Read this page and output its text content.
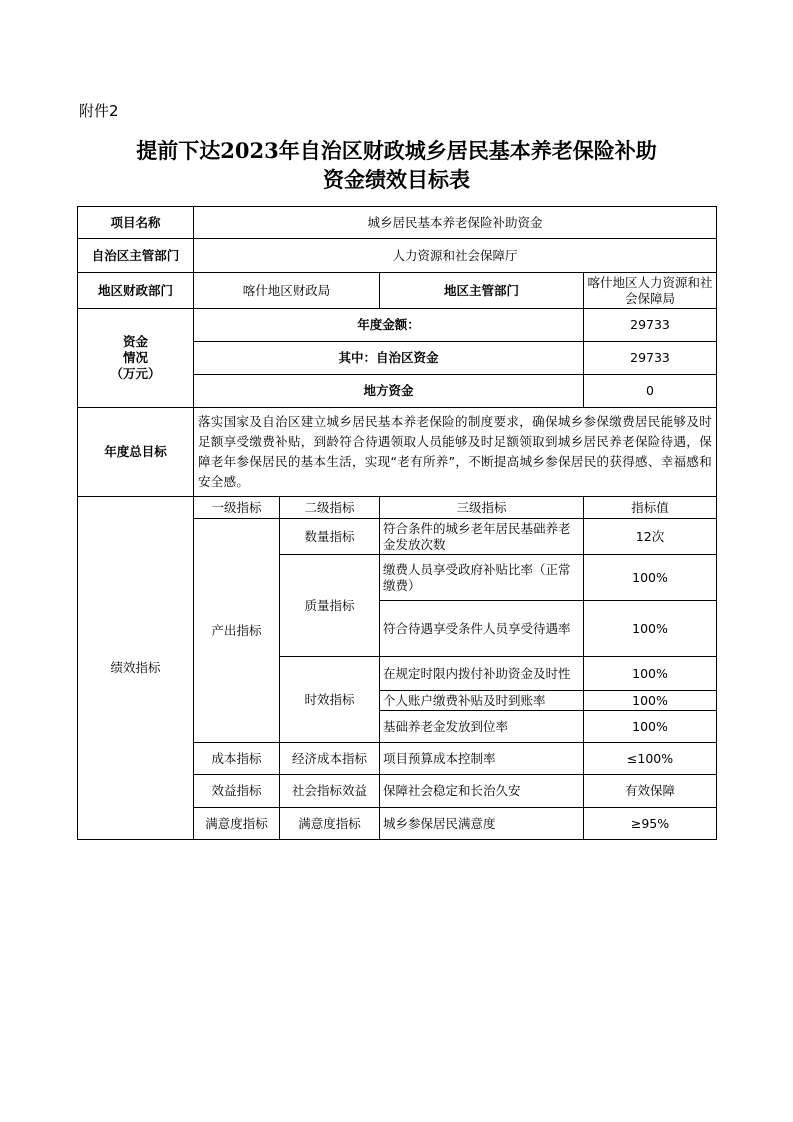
附件2
提前下达2023年自治区财政城乡居民基本养老保险补助
资金绩效目标表
项目名称	城乡居民基本养老保险补助资金			
自治区主管部门	人力资源和社会保障厅			
地区财政部门	喀什地区财政局		地区主管部门	喀什地区人力资源和社会保障局

资金
情况
（万元）	年度金额：			29733
	其中：自治区资金			29733
	地方资金			0
年度总目标	落实国家及自治区建立城乡居民基本养老保险的制度要求，确保城乡参保缴费居民能够及时足额享受缴费补贴，到龄符合待遇领取人员能够及时足额领取到城乡居民养老保险待遇，保障老年参保居民的基本生活，实现“老有所养”，不断提高城乡参保居民的获得感、幸福感和安全感。			
绩效指标	一级指标	二级指标	三级指标	指标值
	产出指标	数量指标	符合条件的城乡老年居民基础养老金发放次数	12次
		质量指标	缴费人员享受政府补贴比率（正常缴费）	100%
			符合待遇享受条件人员享受待遇率	100%
		时效指标	在规定时限内拨付补助资金及时性	100%
			个人账户缴费补贴及时到账率	100%
			基础养老金发放到位率	100%
	成本指标	经济成本指标	项目预算成本控制率	≤100%
	效益指标	社会指标效益	保障社会稳定和长治久安	有效保障
	满意度指标	满意度指标	城乡参保居民满意度	≥95%
